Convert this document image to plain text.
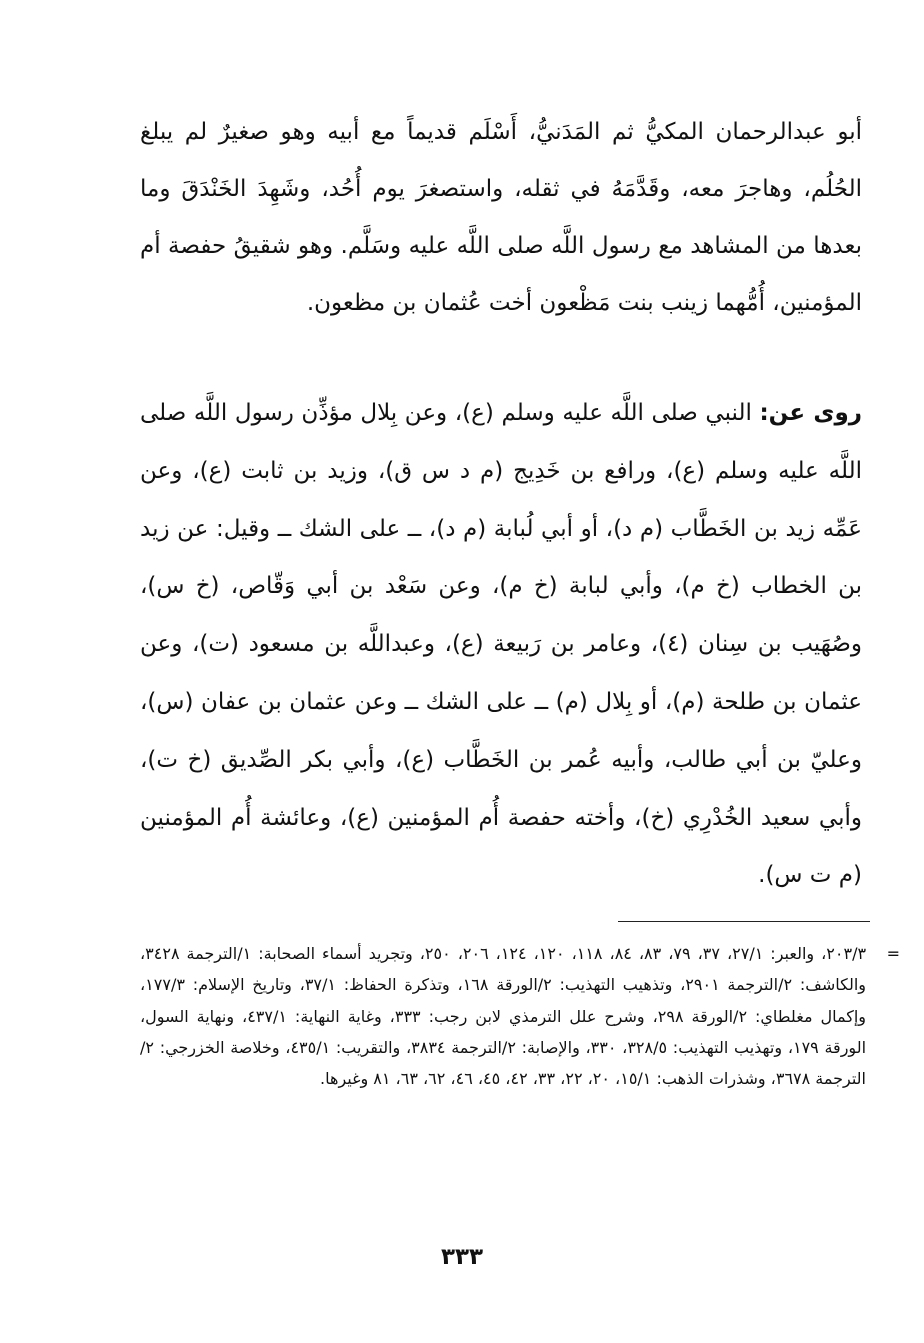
أبو عبدالرحمان المكيُّ ثم المَدَنيُّ، أَسْلَم قديماً مع أبيه وهو صغيرٌ لم يبلغ الحُلُم، وهاجرَ معه، وقَدَّمَهُ في ثقله، واستصغرَ يوم أُحُد، وشَهِدَ الخَنْدَقَ وما بعدها من المشاهد مع رسول اللَّه صلى اللَّه عليه وسَلَّم. وهو شقيقُ حفصة أم المؤمنين، أُمُّهما زينب بنت مَظْعون أخت عُثمان بن مظعون.

روى عن: النبي صلى اللَّه عليه وسلم (ع)، وعن بِلال مؤذِّن رسول اللَّه صلى اللَّه عليه وسلم (ع)، ورافع بن خَدِيج (م د س ق)، وزيد بن ثابت (ع)، وعن عَمِّه زيد بن الخَطَّاب (م د)، أو أبي لُبابة (م د)، ــ على الشك ــ وقيل: عن زيد بن الخطاب (خ م)، وأبي لبابة (خ م)، وعن سَعْد بن أبي وَقّاص، (خ س)، وصُهَيب بن سِنان (٤)، وعامر بن رَبيعة (ع)، وعبداللَّه بن مسعود (ت)، وعن عثمان بن طلحة (م)، أو بِلال (م) ــ على الشك ــ وعن عثمان بن عفان (س)، وعليّ بن أبي طالب، وأبيه عُمر بن الخَطَّاب (ع)، وأبي بكر الصِّديق (خ ت)، وأبي سعيد الخُدْرِي (خ)، وأخته حفصة أُم المؤمنين (ع)، وعائشة أُم المؤمنين (م ت س).

=
٢٠٣/٣، والعبر: ٢٧/١، ٣٧، ٧٩، ٨٣، ٨٤، ١١٨، ١٢٠، ١٢٤، ٢٠٦، ٢٥٠، وتجريد أسماء الصحابة: ١/الترجمة ٣٤٢٨، والكاشف: ٢/الترجمة ٢٩٠١، وتذهيب التهذيب: ٢/الورقة ١٦٨، وتذكرة الحفاظ: ٣٧/١، وتاريخ الإسلام: ١٧٧/٣، وإكمال مغلطاي: ٢/الورقة ٢٩٨، وشرح علل الترمذي لابن رجب: ٣٣٣، وغاية النهاية: ٤٣٧/١، ونهاية السول، الورقة ١٧٩، وتهذيب التهذيب: ٣٢٨/٥، ٣٣٠، والإصابة: ٢/الترجمة ٣٨٣٤، والتقريب: ٤٣٥/١، وخلاصة الخزرجي: ٢/الترجمة ٣٦٧٨، وشذرات الذهب: ١٥/١، ٢٠، ٢٢، ٣٣، ٤٢، ٤٥، ٤٦، ٦٢، ٦٣، ٨١ وغيرها.
٣٣٣
